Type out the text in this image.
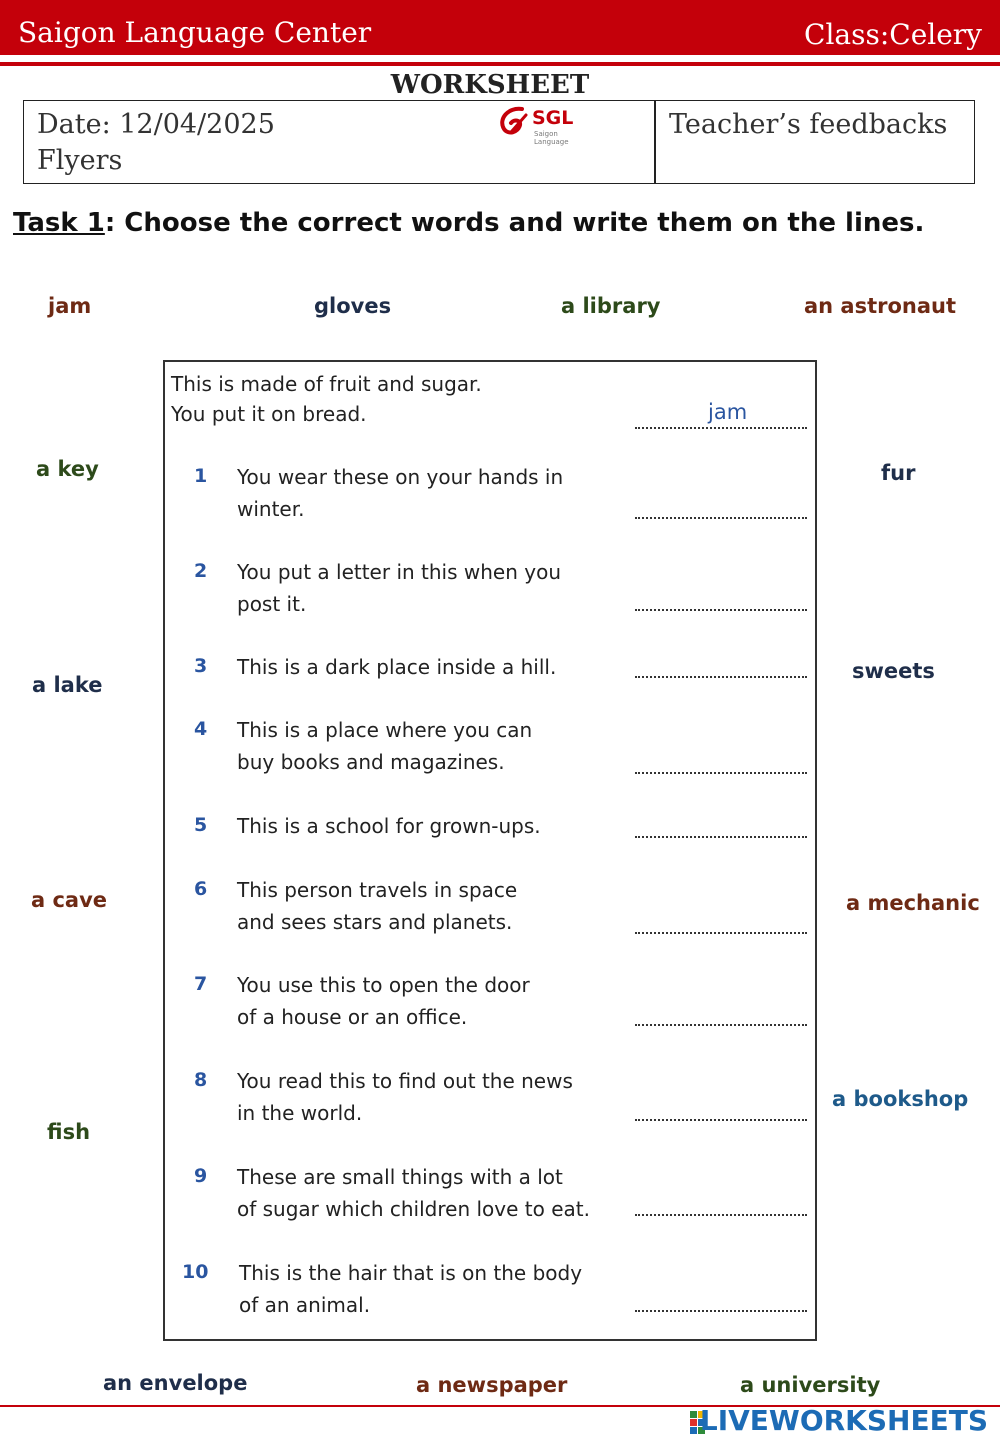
Saigon Language Center	Class:Celery
WORKSHEET
Date: 12/04/2025
Flyers
SGL
Saigon Language
Teacher’s feedbacks
Task 1: Choose the correct words and write them on the lines.
jam	gloves	a library	an astronaut
a key	fur
a lake
sweets
a cave	a mechanic
fish
a bookshop
an envelope	a newspaper	a university
This is made of fruit and sugar.
You put it on bread.	jam
1 You wear these on your hands in
winter.
2 You put a letter in this when you
post it.
3 This is a dark place inside a hill.
4 This is a place where you can
buy books and magazines.
5 This is a school for grown-ups.
6 This person travels in space
and sees stars and planets.
7 You use this to open the door
of a house or an office.
8 You read this to find out the news
in the world.
9 These are small things with a lot
of sugar which children love to eat.
10 This is the hair that is on the body
of an animal.
LIVEWORKSHEETS
